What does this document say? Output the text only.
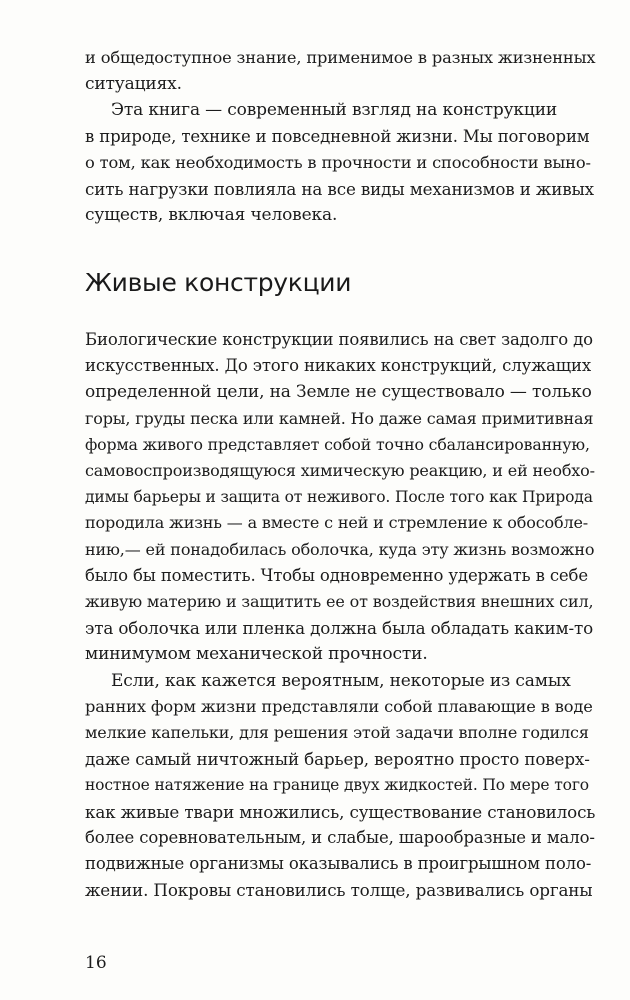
и общедоступное знание, применимое в разных жизненных
ситуациях.
Эта книга — современный взгляд на конструкции
в природе, технике и повседневной жизни. Мы поговорим
о том, как необходимость в прочности и способности выно-
сить нагрузки повлияла на все виды механизмов и живых
существ, включая человека.
Живые конструкции
Биологические конструкции появились на свет задолго до
искусственных. До этого никаких конструкций, служащих
определенной цели, на Земле не существовало — только
горы, груды песка или камней. Но даже самая примитивная
форма живого представляет собой точно сбалансированную,
самовоспроизводящуюся химическую реакцию, и ей необхо-
димы барьеры и защита от неживого. После того как Природа
породила жизнь — а вместе с ней и стремление к обособле-
нию,— ей понадобилась оболочка, куда эту жизнь возможно
было бы поместить. Чтобы одновременно удержать в себе
живую материю и защитить ее от воздействия внешних сил,
эта оболочка или пленка должна была обладать каким-то
минимумом механической прочности.
Если, как кажется вероятным, некоторые из самых
ранних форм жизни представляли собой плавающие в воде
мелкие капельки, для решения этой задачи вполне годился
даже самый ничтожный барьер, вероятно просто поверх-
ностное натяжение на границе двух жидкостей. По мере того
как живые твари множились, существование становилось
более соревновательным, и слабые, шарообразные и мало-
подвижные организмы оказывались в проигрышном поло-
жении. Покровы становились толще, развивались органы
16
